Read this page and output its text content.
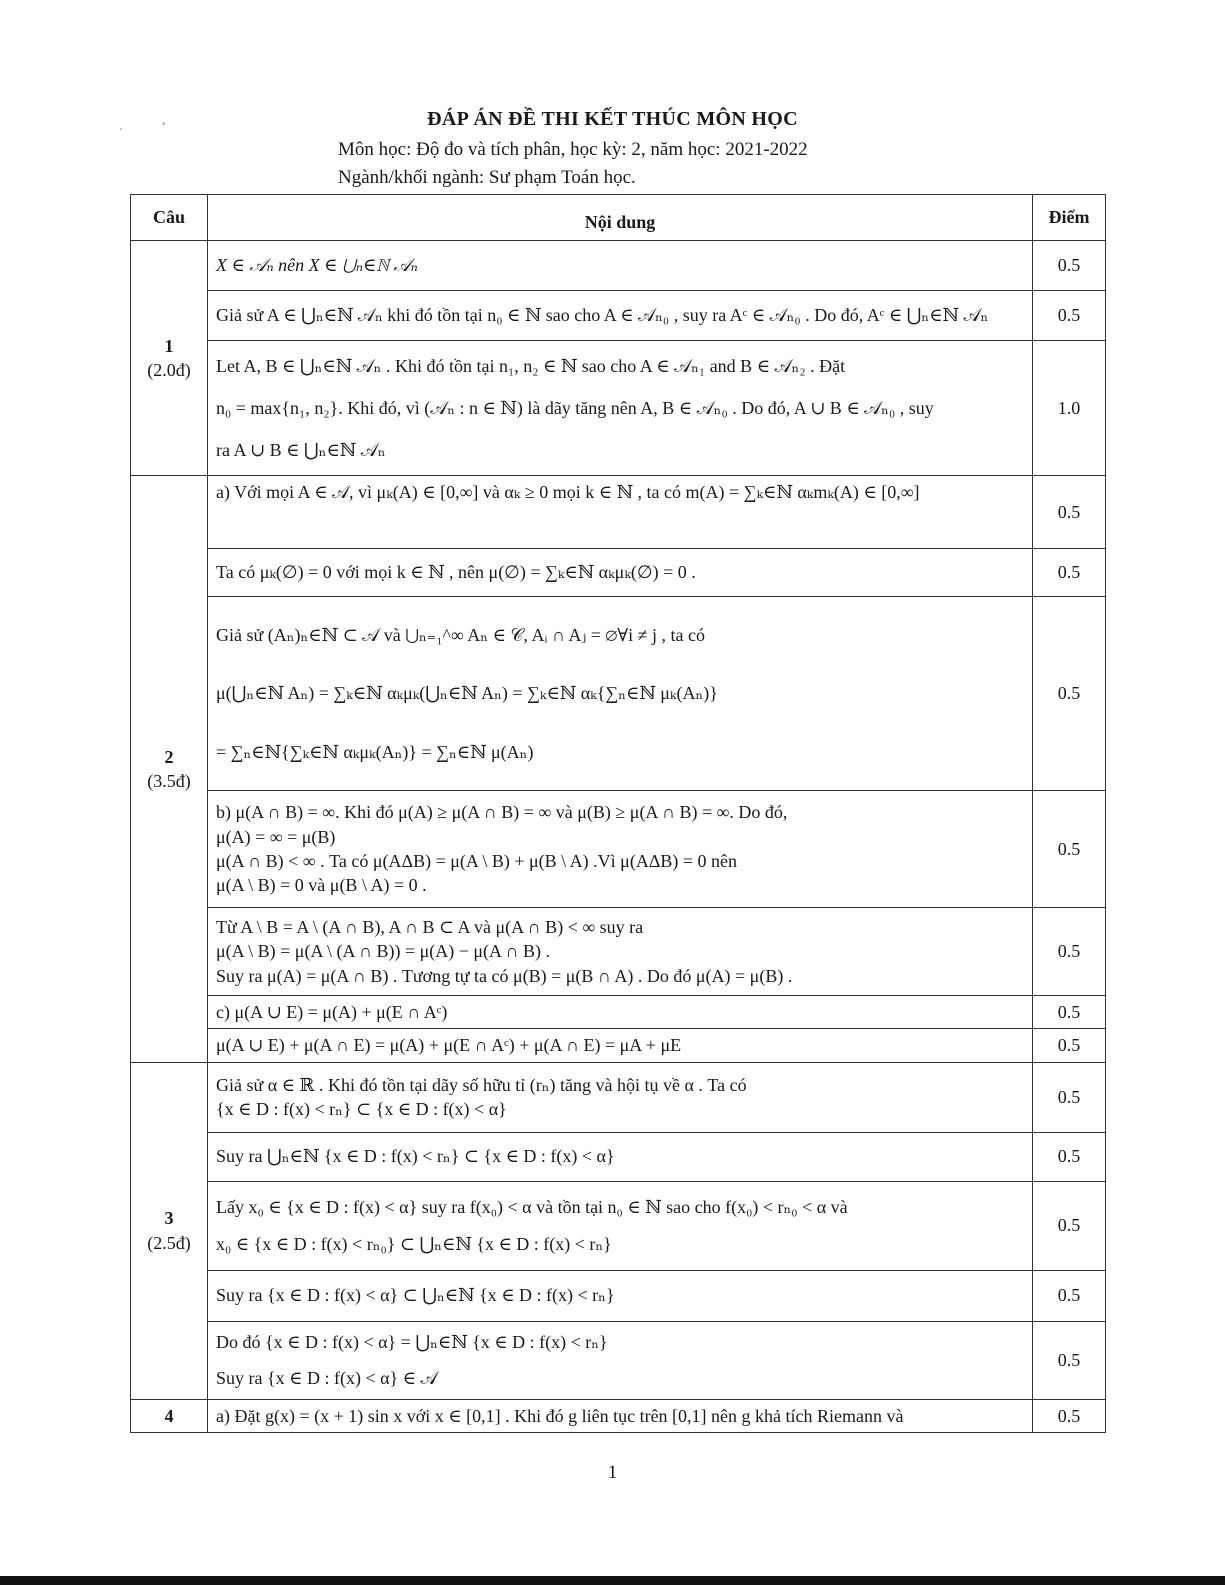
ĐÁP ÁN ĐỀ THI KẾT THÚC MÔN HỌC
Môn học: Độ đo và tích phân, học kỳ: 2, năm học: 2021-2022
Ngành/khối ngành: Sư phạm Toán học.
Câu	Nội dung	Điểm

1
(2.0đ)	X ∈ 𝒜ₙ nên X ∈ ⋃ₙ∈ℕ 𝒜ₙ	0.5
	Giả sử A ∈ ⋃ₙ∈ℕ 𝒜ₙ khi đó tồn tại n₀ ∈ ℕ sao cho A ∈ 𝒜ₙ₀ , suy ra Aᶜ ∈ 𝒜ₙ₀ . Do đó, Aᶜ ∈ ⋃ₙ∈ℕ 𝒜ₙ	0.5

	Let A, B ∈ ⋃ₙ∈ℕ 𝒜ₙ . Khi đó tồn tại n₁, n₂ ∈ ℕ sao cho A ∈ 𝒜ₙ₁ and B ∈ 𝒜ₙ₂ . Đặt
n₀ = max{n₁, n₂}. Khi đó, vì (𝒜ₙ : n ∈ ℕ) là dãy tăng nên A, B ∈ 𝒜ₙ₀ . Do đó, A ∪ B ∈ 𝒜ₙ₀ , suy
ra A ∪ B ∈ ⋃ₙ∈ℕ 𝒜ₙ	1.0

2
(3.5đ)	a) Với mọi A ∈ 𝒜, vì μₖ(A) ∈ [0,∞] và αₖ ≥ 0 mọi k ∈ ℕ , ta có m(A) = ∑ₖ∈ℕ αₖmₖ(A) ∈ [0,∞]	0.5
	Ta có μₖ(∅) = 0 với mọi k ∈ ℕ , nên μ(∅) = ∑ₖ∈ℕ αₖμₖ(∅) = 0 .	0.5

	Giả sử (Aₙ)ₙ∈ℕ ⊂ 𝒜 và ⋃ₙ₌₁^∞ Aₙ ∈ 𝒞, Aᵢ ∩ Aⱼ = ∅∀i ≠ j , ta có
μ(⋃ₙ∈ℕ Aₙ) = ∑ₖ∈ℕ αₖμₖ(⋃ₙ∈ℕ Aₙ) = ∑ₖ∈ℕ αₖ{∑ₙ∈ℕ μₖ(Aₙ)}
= ∑ₙ∈ℕ{∑ₖ∈ℕ αₖμₖ(Aₙ)} = ∑ₙ∈ℕ μ(Aₙ)	0.5

	b) μ(A ∩ B) = ∞. Khi đó μ(A) ≥ μ(A ∩ B) = ∞ và μ(B) ≥ μ(A ∩ B) = ∞. Do đó,
μ(A) = ∞ = μ(B)
μ(A ∩ B) < ∞ . Ta có μ(AΔB) = μ(A \ B) + μ(B \ A) .Vì μ(AΔB) = 0 nên
μ(A \ B) = 0 và μ(B \ A) = 0 .	0.5

	Từ A \ B = A \ (A ∩ B), A ∩ B ⊂ A và μ(A ∩ B) < ∞ suy ra
μ(A \ B) = μ(A \ (A ∩ B)) = μ(A) − μ(A ∩ B) .
Suy ra μ(A) = μ(A ∩ B) . Tương tự ta có μ(B) = μ(B ∩ A) . Do đó μ(A) = μ(B) .	0.5
	c) μ(A ∪ E) = μ(A) + μ(E ∩ Aᶜ)	0.5
	μ(A ∪ E) + μ(A ∩ E) = μ(A) + μ(E ∩ Aᶜ) + μ(A ∩ E) = μA + μE	0.5

3
(2.5đ)	Giả sử α ∈ ℝ . Khi đó tồn tại dãy số hữu tỉ (rₙ) tăng và hội tụ về α . Ta có
{x ∈ D : f(x) < rₙ} ⊂ {x ∈ D : f(x) < α}	0.5
	Suy ra ⋃ₙ∈ℕ {x ∈ D : f(x) < rₙ} ⊂ {x ∈ D : f(x) < α}	0.5

	Lấy x₀ ∈ {x ∈ D : f(x) < α} suy ra f(x₀) < α và tồn tại n₀ ∈ ℕ sao cho f(x₀) < rₙ₀ < α và
x₀ ∈ {x ∈ D : f(x) < rₙ₀} ⊂ ⋃ₙ∈ℕ {x ∈ D : f(x) < rₙ}	0.5
	Suy ra {x ∈ D : f(x) < α} ⊂ ⋃ₙ∈ℕ {x ∈ D : f(x) < rₙ}	0.5

	Do đó {x ∈ D : f(x) < α} = ⋃ₙ∈ℕ {x ∈ D : f(x) < rₙ}
Suy ra {x ∈ D : f(x) < α} ∈ 𝒜	0.5

4	a) Đặt g(x) = (x + 1) sin x với x ∈ [0,1] . Khi đó g liên tục trên [0,1] nên g khả tích Riemann và	0.5
1
